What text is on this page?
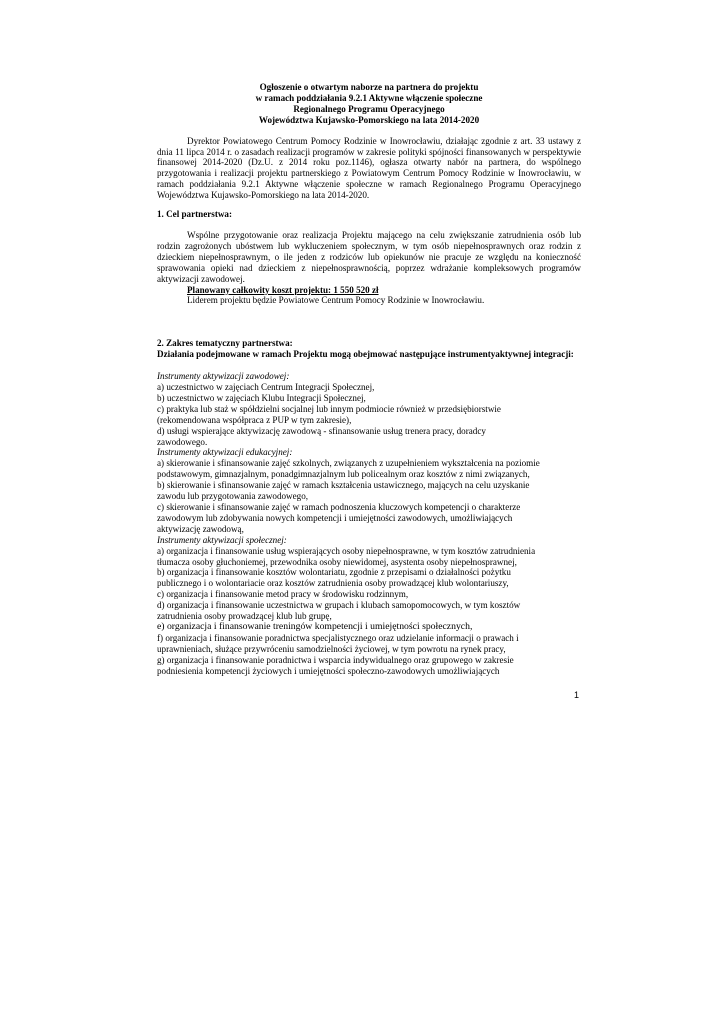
Ogłoszenie o otwartym naborze na partnera do projektu
w ramach poddziałania 9.2.1 Aktywne włączenie społeczne
Regionalnego Programu Operacyjnego
Województwa Kujawsko-Pomorskiego na lata 2014-2020
Dyrektor Powiatowego Centrum Pomocy Rodzinie w Inowrocławiu, działając zgodnie z art. 33 ustawy z dnia 11 lipca 2014 r. o zasadach realizacji programów w zakresie polityki spójności finansowanych w perspektywie finansowej 2014-2020 (Dz.U. z 2014 roku poz.1146), ogłasza otwarty nabór na partnera, do wspólnego przygotowania i realizacji projektu partnerskiego z Powiatowym Centrum Pomocy Rodzinie w Inowrocławiu, w ramach poddziałania 9.2.1 Aktywne włączenie społeczne w ramach Regionalnego Programu Operacyjnego Województwa Kujawsko-Pomorskiego na lata 2014-2020.
1. Cel partnerstwa:
Wspólne przygotowanie oraz realizacja Projektu mającego na celu zwiększanie zatrudnienia osób lub rodzin zagrożonych ubóstwem lub wykluczeniem społecznym, w tym osób niepełnosprawnych oraz rodzin z dzieckiem niepełnosprawnym, o ile jeden z rodziców lub opiekunów nie pracuje ze względu na konieczność sprawowania opieki nad dzieckiem z niepełnosprawnością, poprzez wdrażanie kompleksowych programów aktywizacji zawodowej.
Planowany całkowity koszt projektu: 1 550 520 zł
Liderem projektu będzie Powiatowe Centrum Pomocy Rodzinie w Inowrocławiu.
2. Zakres tematyczny partnerstwa:
Działania podejmowane w ramach Projektu mogą obejmować następujące instrumentyaktywnej integracji:
Instrumenty aktywizacji zawodowej:
a) uczestnictwo w zajęciach Centrum Integracji Społecznej,
b) uczestnictwo w zajęciach Klubu Integracji Społecznej,
c) praktyka lub staż w spółdzielni socjalnej lub innym podmiocie również w przedsiębiorstwie
(rekomendowana współpraca z PUP w tym zakresie),
d) usługi wspierające aktywizację zawodową - sfinansowanie usług trenera pracy, doradcy
zawodowego.
Instrumenty aktywizacji edukacyjnej:
a) skierowanie i sfinansowanie zajęć szkolnych, związanych z uzupełnieniem wykształcenia na poziomie
podstawowym, gimnazjalnym, ponadgimnazjalnym lub policealnym oraz kosztów z nimi związanych,
b) skierowanie i sfinansowanie zajęć w ramach kształcenia ustawicznego, mających na celu uzyskanie
zawodu lub przygotowania zawodowego,
c) skierowanie i sfinansowanie zajęć w ramach podnoszenia kluczowych kompetencji o charakterze
zawodowym lub zdobywania nowych kompetencji i umiejętności zawodowych, umożliwiających
aktywizację zawodową,
Instrumenty aktywizacji społecznej:
a) organizacja i finansowanie usług wspierających osoby niepełnosprawne, w tym kosztów zatrudnienia
tłumacza osoby głuchoniemej, przewodnika osoby niewidomej, asystenta osoby niepełnosprawnej,
b) organizacja i finansowanie kosztów wolontariatu, zgodnie z przepisami o działalności pożytku
publicznego i o wolontariacie oraz kosztów zatrudnienia osoby prowadzącej klub wolontariuszy,
c) organizacja i finansowanie metod pracy w środowisku rodzinnym,
d) organizacja i finansowanie uczestnictwa w grupach i klubach samopomocowych, w tym kosztów
zatrudnienia osoby prowadzącej klub lub grupę,
e) organizacja i finansowanie treningów kompetencji i umiejętności społecznych,
f) organizacja i finansowanie poradnictwa specjalistycznego oraz udzielanie informacji o prawach i
uprawnieniach, służące przywróceniu samodzielności życiowej, w tym powrotu na rynek pracy,
g) organizacja i finansowanie poradnictwa i wsparcia indywidualnego oraz grupowego w zakresie
podniesienia kompetencji życiowych i umiejętności społeczno-zawodowych umożliwiających
1
